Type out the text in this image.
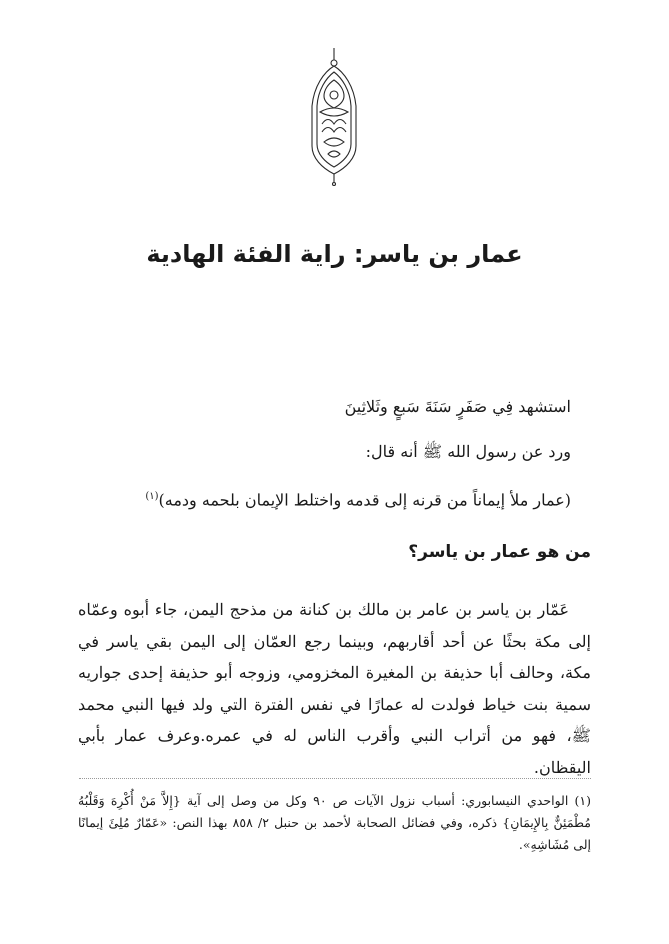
عمار بن ياسر: راية الفئة الهادية

استشهد فِي صَفَرٍ سَنَةَ سَبعٍ وثَلاثِينَ

ورد عن رسول الله ﷺ أنه قال:

(عمار ملأ إيماناً من قرنه إلى قدمه واختلط الإيمان بلحمه ودمه)$^{(١)}$

من هو عمار بن ياسر؟

عَمّار بن ياسر بن عامر بن مالك بن كنانة من مذحج اليمن، جاء أبوه وعمّاه إلى مكة بحثًا عن أحد أقاربهم، وبينما رجع العمّان إلى اليمن بقي ياسر في مكة، وحالف أبا حذيفة بن المغيرة المخزومي، وزوجه أبو حذيفة إحدى جواريه سمية بنت خياط فولدت له عمارًا في نفس الفترة التي ولد فيها النبي محمد ﷺ، فهو من أتراب النبي وأقرب الناس له في عمره.وعرف عمار بأبي اليقظان.

(١) الواحدي النيسابوري: أسباب نزول الآيات ص ٩٠ وكل من وصل إلى آية {إِلاَّ مَنْ أُكْرِهَ وَقَلْبُهُ مُطْمَئِنٌّ بِالإِيمَانِ} ذكره، وفي فضائل الصحابة لأحمد بن حنبل ٢/ ٨٥٨ بهذا النص: «عَمّارٌ مُلِئَ إيمانًا إلى مُشَاشِهِ».
